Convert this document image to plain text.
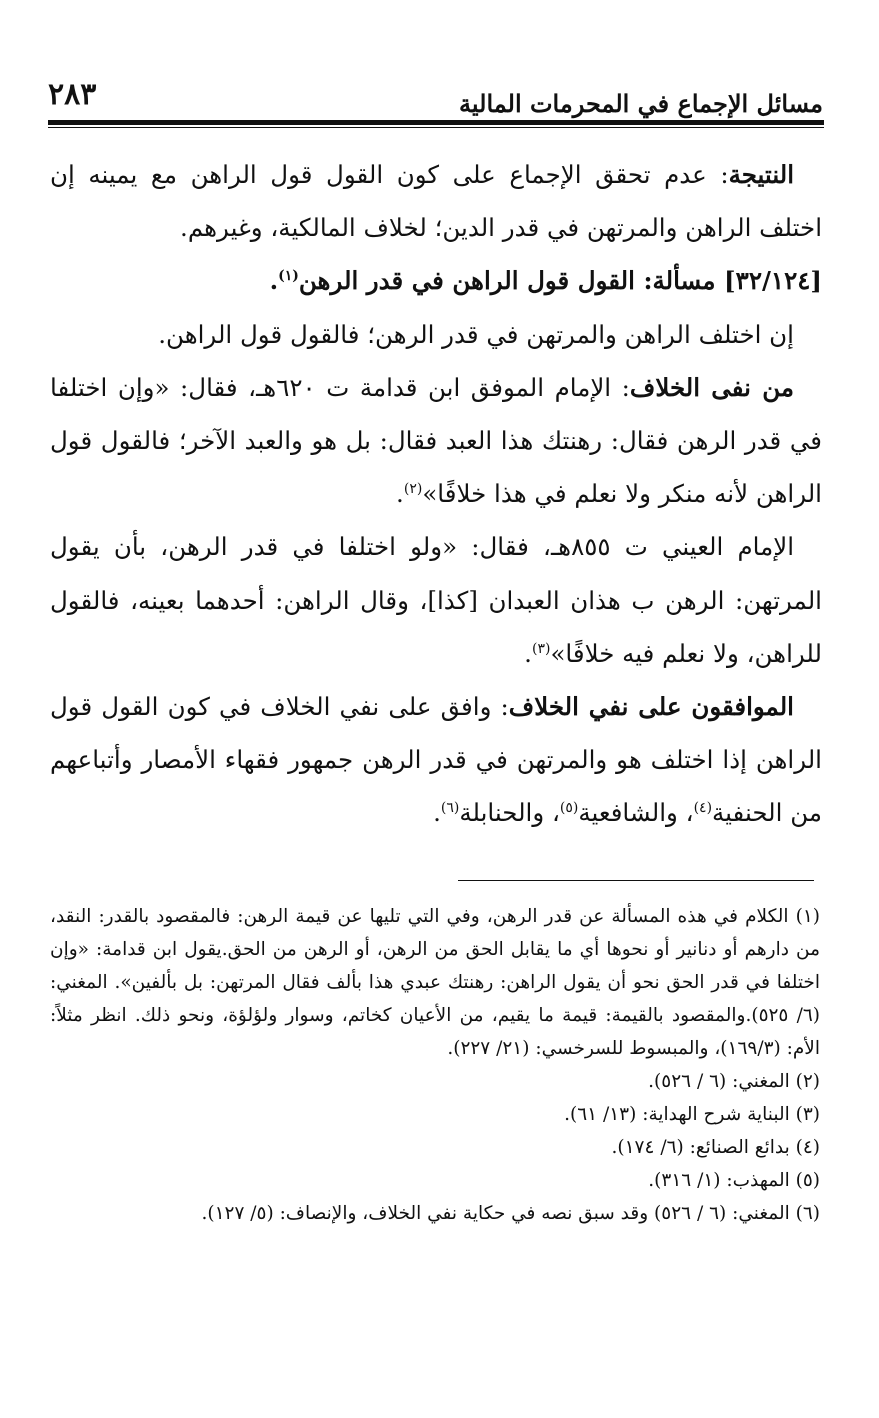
مسائل الإجماع في المحرمات المالية
٢٨٣

النتيجة: عدم تحقق الإجماع على كون القول قول الراهن مع يمينه إن اختلف الراهن والمرتهن في قدر الدين؛ لخلاف المالكية، وغيرهم.

[٣٢/١٢٤] مسألة: القول قول الراهن في قدر الرهن$^{(١)}$.

إن اختلف الراهن والمرتهن في قدر الرهن؛ فالقول قول الراهن.

من نفى الخلاف: الإمام الموفق ابن قدامة ت ٦٢٠هـ، فقال: «وإن اختلفا في قدر الرهن فقال: رهنتك هذا العبد فقال: بل هو والعبد الآخر؛ فالقول قول الراهن لأنه منكر ولا نعلم في هذا خلافًا»$^{(٢)}$.

الإمام العيني ت ٨٥٥هـ، فقال: «ولو اختلفا في قدر الرهن، بأن يقول المرتهن: الرهن ب هذان العبدان [كذا]، وقال الراهن: أحدهما بعينه، فالقول للراهن، ولا نعلم فيه خلافًا»$^{(٣)}$.

الموافقون على نفي الخلاف: وافق على نفي الخلاف في كون القول قول الراهن إذا اختلف هو والمرتهن في قدر الرهن جمهور فقهاء الأمصار وأتباعهم من الحنفية$^{(٤)}$، والشافعية$^{(٥)}$، والحنابلة$^{(٦)}$.

(١) الكلام في هذه المسألة عن قدر الرهن، وفي التي تليها عن قيمة الرهن: فالمقصود بالقدر: النقد، من دارهم أو دنانير أو نحوها أي ما يقابل الحق من الرهن، أو الرهن من الحق.يقول ابن قدامة: «وإن اختلفا في قدر الحق نحو أن يقول الراهن: رهنتك عبدي هذا بألف فقال المرتهن: بل بألفين». المغني: (٦/ ٥٢٥).والمقصود بالقيمة: قيمة ما يقيم، من الأعيان كخاتم، وسوار ولؤلؤة، ونحو ذلك. انظر مثلاً: الأم: (١٦٩/٣)، والمبسوط للسرخسي: (٢١/ ٢٢٧).

(٢) المغني: (٦ / ٥٢٦).

(٣) البناية شرح الهداية: (١٣/ ٦١).

(٤) بدائع الصنائع: (٦/ ١٧٤).

(٥) المهذب: (١/ ٣١٦).

(٦) المغني: (٦ / ٥٢٦) وقد سبق نصه في حكاية نفي الخلاف، والإنصاف: (٥/ ١٢٧).
